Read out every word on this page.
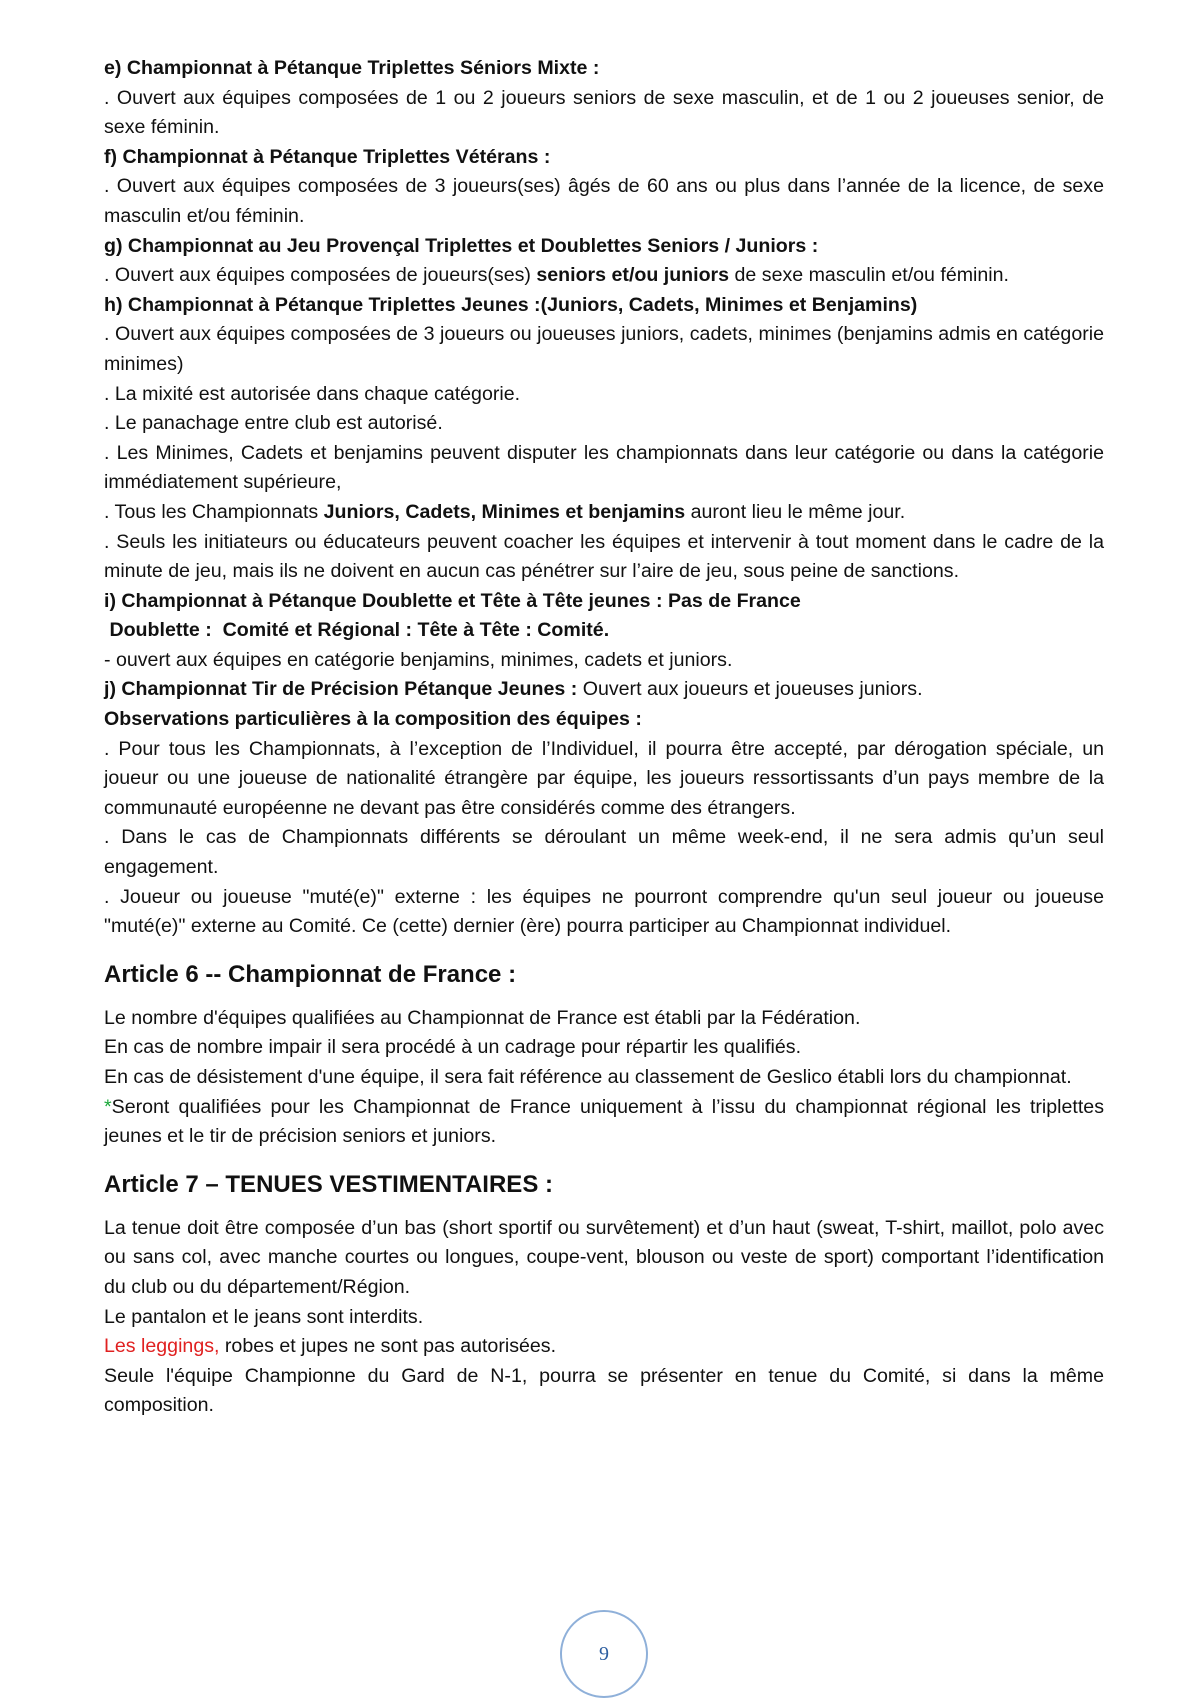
e) Championnat à Pétanque Triplettes Séniors Mixte :

. Ouvert aux équipes composées de 1 ou 2 joueurs seniors de sexe masculin, et de 1 ou 2 joueuses senior, de sexe féminin.

f) Championnat à Pétanque Triplettes Vétérans :

. Ouvert aux équipes composées de 3 joueurs(ses) âgés de 60 ans ou plus dans l’année de la licence, de sexe masculin et/ou féminin.

g) Championnat au Jeu Provençal Triplettes et Doublettes Seniors / Juniors :

. Ouvert aux équipes composées de joueurs(ses) seniors et/ou juniors de sexe masculin et/ou féminin.

h) Championnat à Pétanque Triplettes Jeunes :(Juniors, Cadets, Minimes et Benjamins)

. Ouvert aux équipes composées de 3 joueurs ou joueuses juniors, cadets, minimes (benjamins admis en catégorie minimes)

. La mixité est autorisée dans chaque catégorie.

. Le panachage entre club est autorisé.

. Les Minimes, Cadets et benjamins peuvent disputer les championnats dans leur catégorie ou dans la catégorie immédiatement supérieure,

. Tous les Championnats Juniors, Cadets, Minimes et benjamins auront lieu le même jour.

. Seuls les initiateurs ou éducateurs peuvent coacher les équipes et intervenir à tout moment dans le cadre de la minute de jeu, mais ils ne doivent en aucun cas pénétrer sur l’aire de jeu, sous peine de sanctions.

i) Championnat à Pétanque Doublette et Tête à Tête jeunes : Pas de France

Doublette :  Comité et Régional : Tête à Tête : Comité.

- ouvert aux équipes en catégorie benjamins, minimes, cadets et juniors.

j) Championnat Tir de Précision Pétanque Jeunes : Ouvert aux joueurs et joueuses juniors.

Observations particulières à la composition des équipes :

. Pour tous les Championnats, à l’exception de l’Individuel, il pourra être accepté, par dérogation spéciale, un joueur ou une joueuse de nationalité étrangère par équipe, les joueurs ressortissants d’un pays membre de la communauté européenne ne devant pas être considérés comme des étrangers.

. Dans le cas de Championnats différents se déroulant un même week-end, il ne sera admis qu’un seul engagement.

. Joueur ou joueuse "muté(e)" externe : les équipes ne pourront comprendre qu'un seul joueur ou joueuse "muté(e)" externe au Comité. Ce (cette) dernier (ère) pourra participer au Championnat individuel.

Article 6 -- Championnat de France :

Le nombre d'équipes qualifiées au Championnat de France est établi par la Fédération.

En cas de nombre impair il sera procédé à un cadrage pour répartir les qualifiés.

En cas de désistement d'une équipe, il sera fait référence au classement de Geslico établi lors du championnat.

*Seront qualifiées pour les Championnat de France uniquement à l’issu du championnat régional les triplettes jeunes et le tir de précision seniors et juniors.

Article 7 – TENUES VESTIMENTAIRES :

La tenue doit être composée d’un bas (short sportif ou survêtement) et d’un haut (sweat, T-shirt, maillot, polo avec ou sans col, avec manche courtes ou longues, coupe-vent, blouson ou veste de sport) comportant l’identification du club ou du département/Région.

Le pantalon et le jeans sont interdits.

Les leggings, robes et jupes ne sont pas autorisées.

Seule l'équipe Championne du Gard de N-1, pourra se présenter en tenue du Comité, si dans la même composition.

9
